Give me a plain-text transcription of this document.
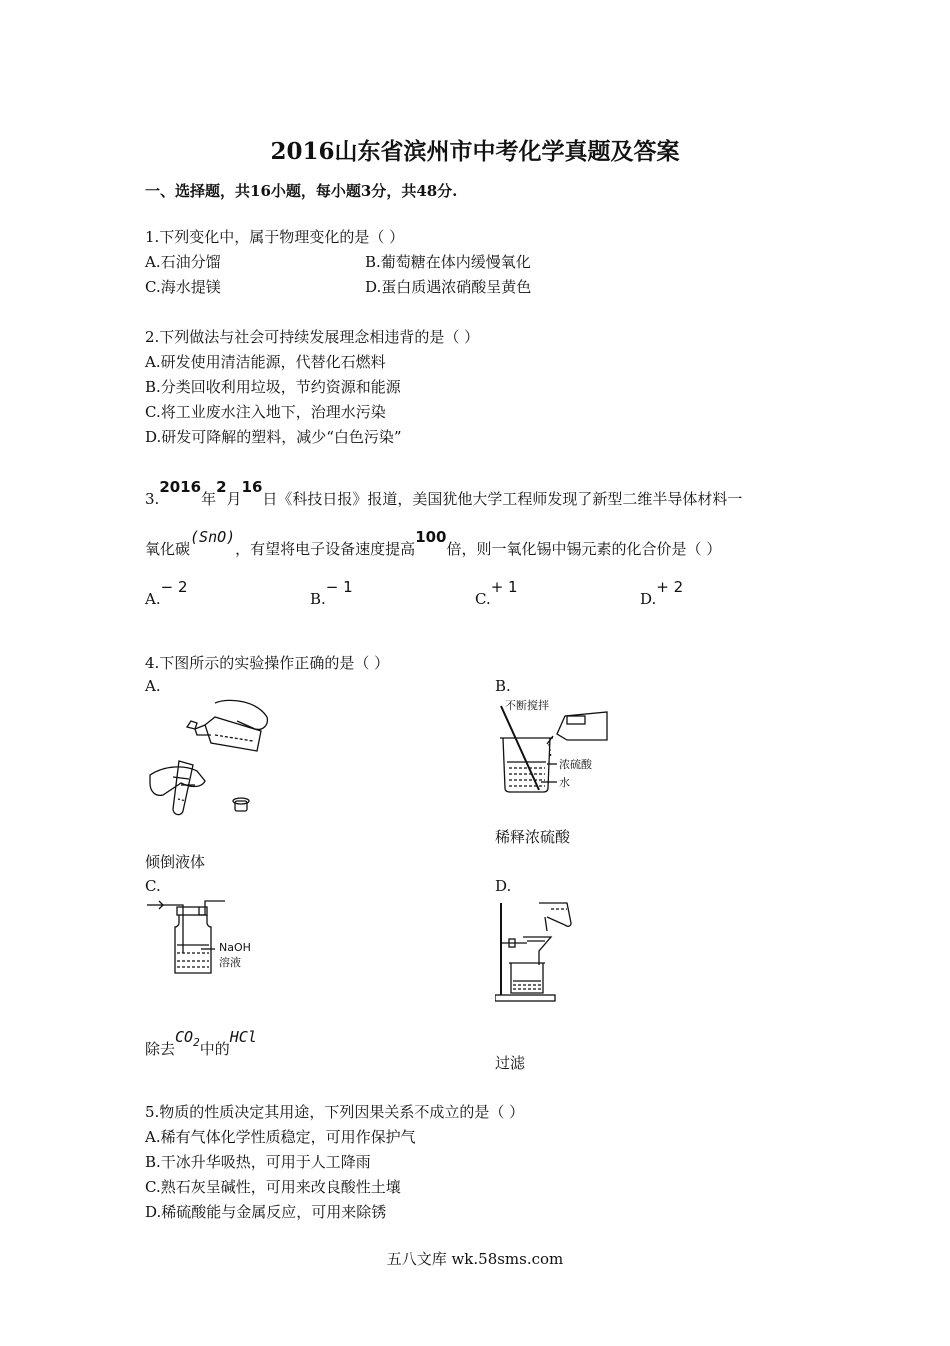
2016山东省滨州市中考化学真题及答案
一、选择题，共16小题，每小题3分，共48分.
1.下列变化中，属于物理变化的是（ ）
A.石油分馏	B.葡萄糖在体内缓慢氧化
C.海水提镁	D.蛋白质遇浓硝酸呈黄色
2.下列做法与社会可持续发展理念相违背的是（ ）
A.研发使用清洁能源，代替化石燃料
B.分类回收利用垃圾，节约资源和能源
C.将工业废水注入地下，治理水污染
D.研发可降解的塑料，减少“白色污染”
3.2016年2月16日《科技日报》报道，美国犹他大学工程师发现了新型二维半导体材料一
氧化碳(SnO)，有望将电子设备速度提高100倍，则一氧化锡中锡元素的化合价是（ ）
A.− 2
B.− 1
C.+ 1
D.+ 2
4.下图所示的实验操作正确的是（ ）
A.	B.
不断搅拌
浓硫酸
水
稀释浓硫酸
倾倒液体
C.	D.
NaOH
溶液
除去$CO_2$中的HCl
过滤
5.物质的性质决定其用途，下列因果关系不成立的是（ ）
A.稀有气体化学性质稳定，可用作保护气
B.干冰升华吸热，可用于人工降雨
C.熟石灰呈碱性，可用来改良酸性土壤
D.稀硫酸能与金属反应，可用来除锈
五八文库 wk.58sms.com
